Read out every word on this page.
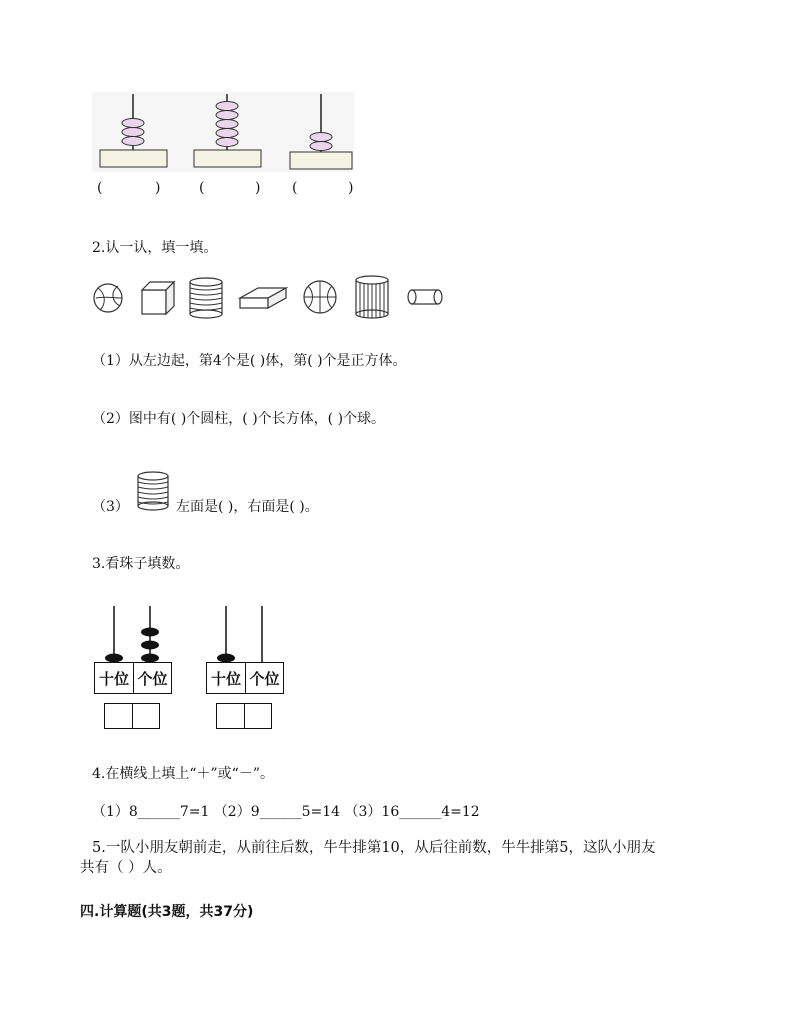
(	)	(	) (	)
2.认一认，填一填。
（1）从左边起，第4个是( )体，第( )个是正方体。
（2）图中有( )个圆柱，( )个长方体，( )个球。
（3）	左面是( )，右面是( )。
3.看珠子填数。
十位 个位	十位 个位
4.在横线上填上“＋”或“－”。
（1）8______7=1 （2）9______5=14 （3）16______4=12
5.一队小朋友朝前走，从前往后数，牛牛排第10，从后往前数，牛牛排第5，这队小朋友
共有（ ）人。
四.计算题(共3题，共37分)
